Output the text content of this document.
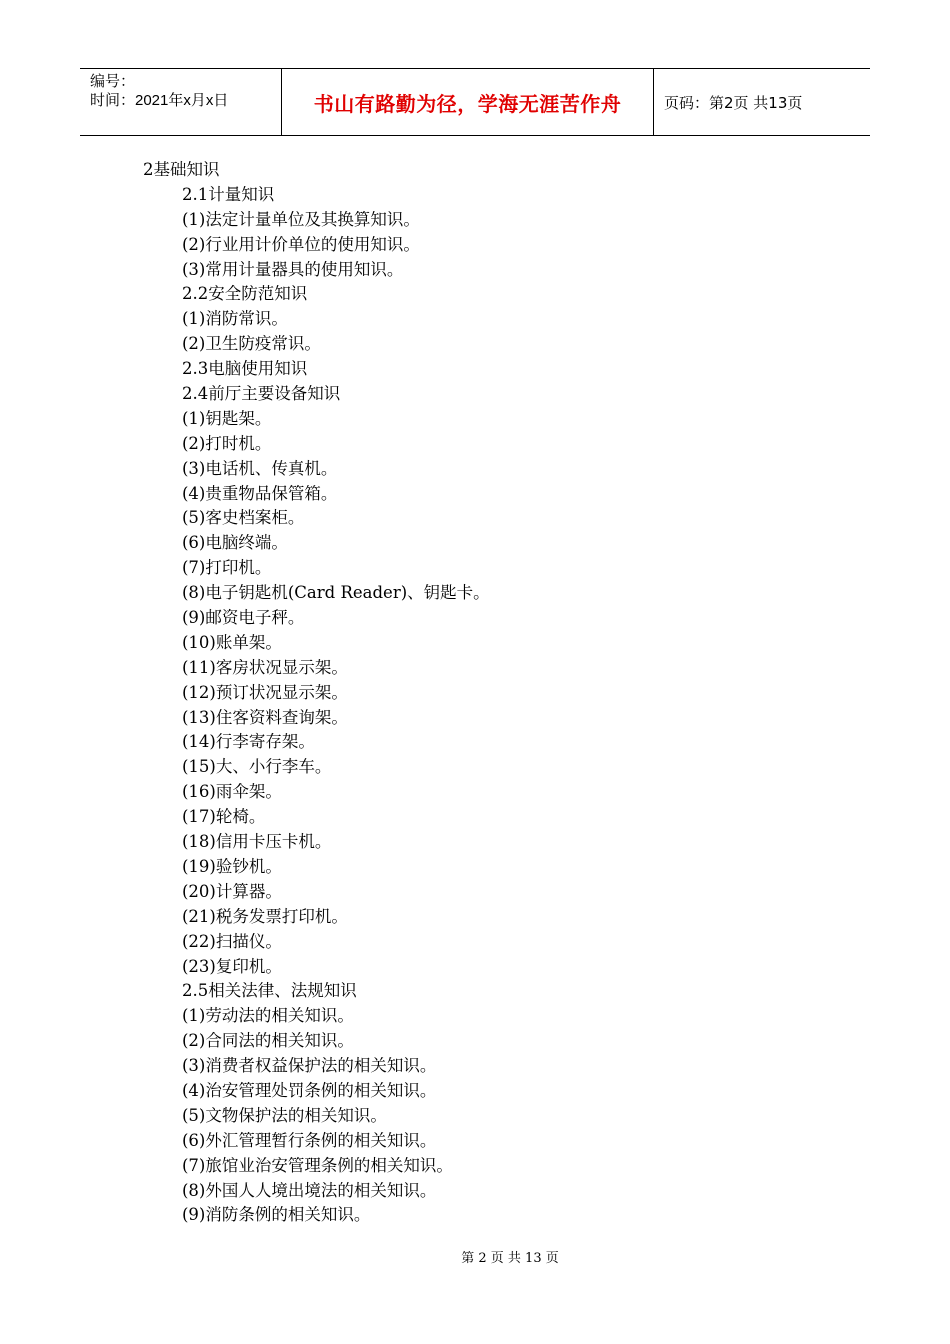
编号：
时间：2021年x月x日	书山有路勤为径，学海无涯苦作舟	页码：第2页 共13页
2基础知识
2.1计量知识
(1)法定计量单位及其换算知识。
(2)行业用计价单位的使用知识。
(3)常用计量器具的使用知识。
2.2安全防范知识
(1)消防常识。
(2)卫生防疫常识。
2.3电脑使用知识
2.4前厅主要设备知识
(1)钥匙架。
(2)打时机。
(3)电话机、传真机。
(4)贵重物品保管箱。
(5)客史档案柜。
(6)电脑终端。
(7)打印机。
(8)电子钥匙机(Card Reader)、钥匙卡。
(9)邮资电子秤。
(10)账单架。
(11)客房状况显示架。
(12)预订状况显示架。
(13)住客资料查询架。
(14)行李寄存架。
(15)大、小行李车。
(16)雨伞架。
(17)轮椅。
(18)信用卡压卡机。
(19)验钞机。
(20)计算器。
(21)税务发票打印机。
(22)扫描仪。
(23)复印机。
2.5相关法律、法规知识
(1)劳动法的相关知识。
(2)合同法的相关知识。
(3)消费者权益保护法的相关知识。
(4)治安管理处罚条例的相关知识。
(5)文物保护法的相关知识。
(6)外汇管理暂行条例的相关知识。
(7)旅馆业治安管理条例的相关知识。
(8)外国人人境出境法的相关知识。
(9)消防条例的相关知识。
第 2 页 共 13 页
